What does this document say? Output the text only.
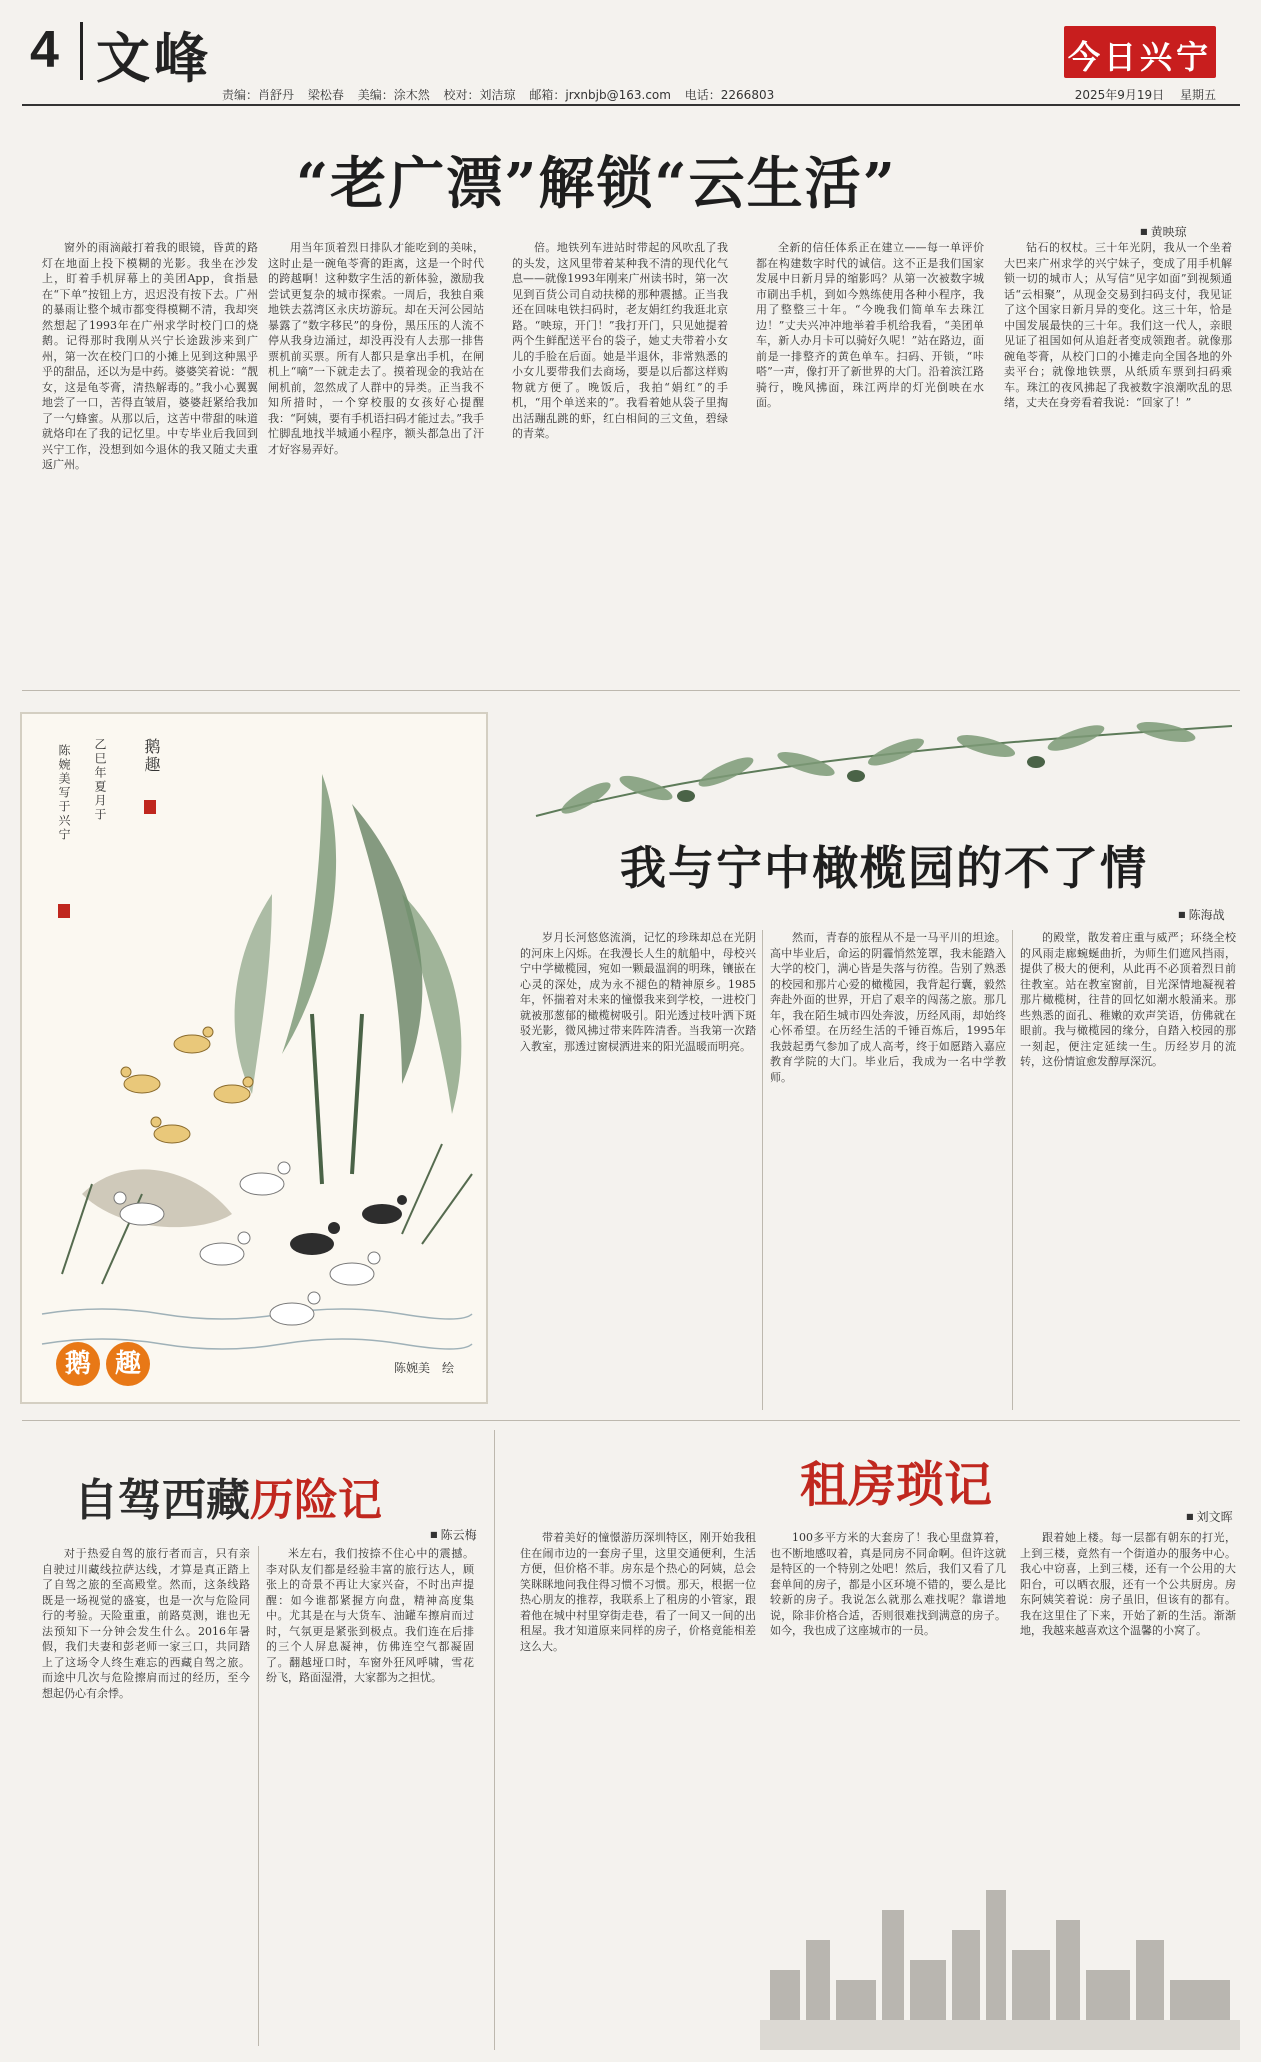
4 文峰
责编：肖舒丹 梁松春 美编：涂木然 校对：刘洁琼 邮箱：jrxnbjb@163.com 电话：2266803
今日兴宁
2025年9月19日 星期五
“老广漂”解锁“云生活”
■ 黄映琼

窗外的雨滴敲打着我的眼镜，昏黄的路灯在地面上投下模糊的光影。我坐在沙发上，盯着手机屏幕上的美团App，食指悬在“下单”按钮上方，迟迟没有按下去。广州的暴雨让整个城市都变得模糊不清，我却突然想起了1993年在广州求学时校门口的烧鹅。记得那时我刚从兴宁长途跋涉来到广州，第一次在校门口的小摊上见到这种黑乎乎的甜品，还以为是中药。婆婆笑着说：“靓女，这是龟苓膏，清热解毒的。”我小心翼翼地尝了一口，苦得直皱眉，婆婆赶紧给我加了一勺蜂蜜。从那以后，这苦中带甜的味道就烙印在了我的记忆里。中专毕业后我回到兴宁工作，没想到如今退休的我又随丈夫重返广州。

用当年顶着烈日排队才能吃到的美味，这时止是一碗龟苓膏的距离，这是一个时代的跨越啊！这种数字生活的新体验，激励我尝试更复杂的城市探索。一周后，我独自乘地铁去荔湾区永庆坊游玩。却在天河公园站暴露了“数字移民”的身份，黑压压的人流不停从我身边涌过，却没再没有人去那一排售票机前买票。所有人都只是拿出手机，在闸机上“嘀”一下就走去了。摸着现金的我站在闸机前，忽然成了人群中的异类。正当我不知所措时，一个穿校服的女孩好心提醒我：“阿姨，要有手机语扫码才能过去。”我手忙脚乱地找半城通小程序，额头都急出了汗才好容易弄好。

倍。地铁列车进站时带起的风吹乱了我的头发，这风里带着某种我不清的现代化气息——就像1993年刚来广州读书时，第一次见到百货公司自动扶梯的那种震撼。正当我还在回味电铁扫码时，老友娟红约我逛北京路。“映琼，开门！”我打开门，只见她提着两个生鲜配送平台的袋子，她丈夫带着小女儿的手脸在后面。她是半退休，非常熟悉的小女儿要带我们去商场，要是以后都这样购物就方便了。晚饭后，我拍“娟红”的手机，“用个单送来的”。我看着她从袋子里掏出活蹦乱跳的虾，红白相间的三文鱼，碧绿的青菜。

全新的信任体系正在建立——每一单评价都在构建数字时代的诚信。这不正是我们国家发展中日新月异的缩影吗？从第一次被数字城市刷出手机，到如今熟练使用各种小程序，我用了整整三十年。“今晚我们简单车去珠江边！”丈夫兴冲冲地举着手机给我看，“美团单车，新人办月卡可以骑好久呢！”站在路边，面前是一排整齐的黄色单车。扫码、开锁，“咔嗒”一声，像打开了新世界的大门。沿着滨江路骑行，晚风拂面，珠江两岸的灯光倒映在水面。

钻石的权杖。三十年光阴，我从一个坐着大巴来广州求学的兴宁妹子，变成了用手机解锁一切的城市人；从写信“见字如面”到视频通话“云相聚”，从现金交易到扫码支付，我见证了这个国家日新月异的变化。这三十年，恰是中国发展最快的三十年。我们这一代人，亲眼见证了祖国如何从追赶者变成领跑者。就像那碗龟苓膏，从校门口的小摊走向全国各地的外卖平台；就像地铁票，从纸质车票到扫码乘车。珠江的夜风拂起了我被数字浪潮吹乱的思绪，丈夫在身旁看着我说：“回家了！”

鹅趣
乙巳年夏月于
陈婉美写于兴宁
鹅 趣	陈婉美　绘
我与宁中橄榄园的不了情
■ 陈海战

岁月长河悠悠流淌，记忆的珍珠却总在光阴的河床上闪烁。在我漫长人生的航船中，母校兴宁中学橄榄园，宛如一颗最温润的明珠，镶嵌在心灵的深处，成为永不褪色的精神原乡。1985年，怀揣着对未来的憧憬我来到学校，一进校门就被那葱郁的橄榄树吸引。阳光透过枝叶洒下斑驳光影，微风拂过带来阵阵清香。当我第一次踏入教室，那透过窗棂洒进来的阳光温暖而明亮。

然而，青春的旅程从不是一马平川的坦途。高中毕业后，命运的阴霾悄然笼罩，我未能踏入大学的校门，满心皆是失落与彷徨。告别了熟悉的校园和那片心爱的橄榄园，我背起行囊，毅然奔赴外面的世界，开启了艰辛的闯荡之旅。那几年，我在陌生城市四处奔波，历经风雨，却始终心怀希望。在历经生活的千锤百炼后，1995年我鼓起勇气参加了成人高考，终于如愿踏入嘉应教育学院的大门。毕业后，我成为一名中学教师。

的殿堂，散发着庄重与威严；环绕全校的风雨走廊蜿蜒曲折，为师生们遮风挡雨，提供了极大的便利，从此再不必顶着烈日前往教室。站在教室窗前，目光深情地凝视着那片橄榄树，往昔的回忆如潮水般涌来。那些熟悉的面孔、稚嫩的欢声笑语，仿佛就在眼前。我与橄榄园的缘分，自踏入校园的那一刻起，便注定延续一生。历经岁月的流转，这份情谊愈发醇厚深沉。

自驾西藏历险记
■ 陈云梅

对于热爱自驾的旅行者而言，只有亲自驶过川藏线拉萨达线，才算是真正踏上了自驾之旅的至高殿堂。然而，这条线路既是一场视觉的盛宴，也是一次与危险同行的考验。天险重重，前路莫测，谁也无法预知下一分钟会发生什么。2016年暑假，我们夫妻和彭老师一家三口，共同踏上了这场令人终生难忘的西藏自驾之旅。而途中几次与危险擦肩而过的经历，至今想起仍心有余悸。

米左右，我们按捺不住心中的震撼。李对队友们都是经验丰富的旅行达人，顾张上的奇景不再让大家兴奋，不时出声提醒：如今谁都紧握方向盘，精神高度集中。尤其是在与大货车、油罐车擦肩而过时，气氛更是紧张到极点。我们连在后排的三个人屏息凝神，仿佛连空气都凝固了。翻越垭口时，车窗外狂风呼啸，雪花纷飞，路面湿滑，大家都为之担忧。

租房琐记
■ 刘文晖

带着美好的憧憬游历深圳特区，刚开始我租住在闹市边的一套房子里，这里交通便利，生活方便，但价格不菲。房东是个热心的阿姨，总会笑眯眯地问我住得习惯不习惯。那天，根据一位热心朋友的推荐，我联系上了租房的小管家，跟着他在城中村里穿街走巷，看了一间又一间的出租屋。我才知道原来同样的房子，价格竟能相差这么大。

100多平方米的大套房了！我心里盘算着，也不断地感叹着，真是同房不同命啊。但许这就是特区的一个特别之处吧！然后，我们又看了几套单间的房子，都是小区环境不错的，要么是比较新的房子。我说怎么就那么难找呢？靠谱地说，除非价格合适，否则很难找到满意的房子。如今，我也成了这座城市的一员。

跟着她上楼。每一层都有朝东的打光，上到三楼，竟然有一个街道办的服务中心。我心中窃喜，上到三楼，还有一个公用的大阳台，可以晒衣服，还有一个公共厨房。房东阿姨笑着说：房子虽旧，但该有的都有。我在这里住了下来，开始了新的生活。渐渐地，我越来越喜欢这个温馨的小窝了。
